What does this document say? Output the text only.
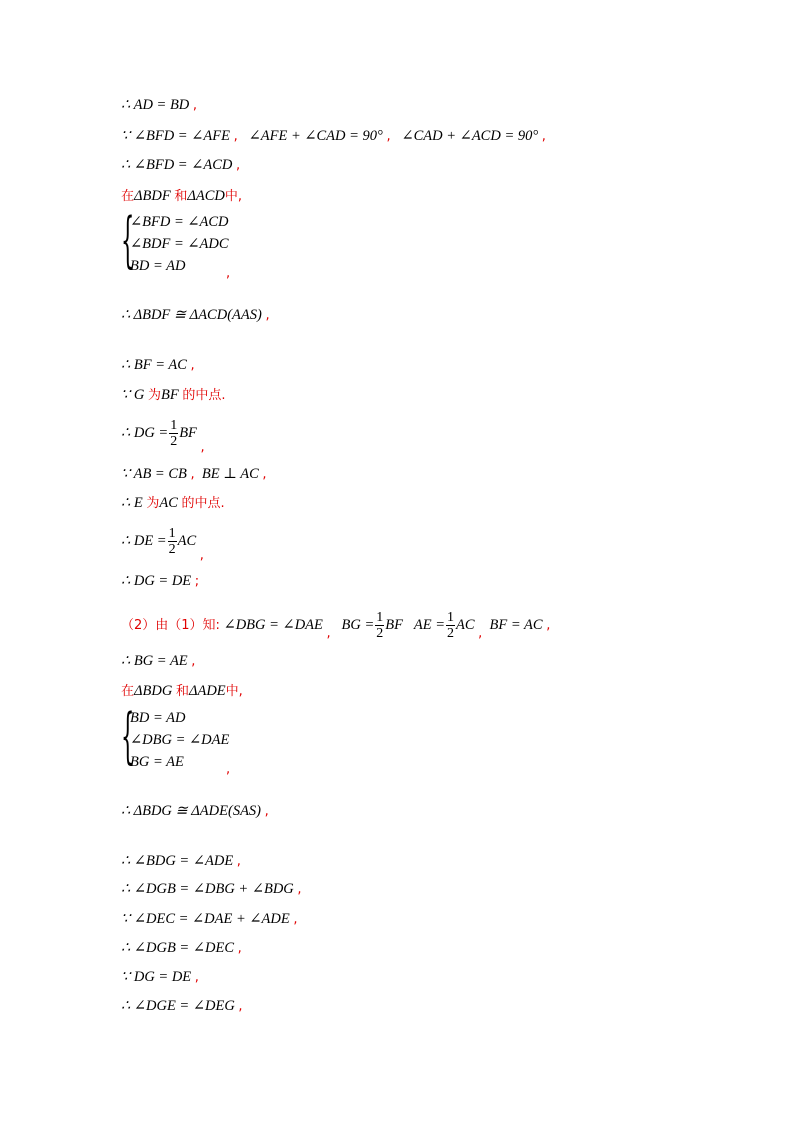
∴ AD = BD ,
∵ ∠BFD = ∠AFE , ∠AFE + ∠CAD = 90° , ∠CAD + ∠ACD = 90° ,
∴ ∠BFD = ∠ACD ,
在ΔBDF 和ΔACD中,
{
∠BFD = ∠ACD
∠BDF = ∠ADC
BD = AD	,
∴ ΔBDF ≅ ΔACD(AAS) ,
∴ BF = AC ,
∵ G 为BF 的中点.
∴ DG = $\frac{1}{2}$ BF ,
∵ AB = CB , BE ⊥ AC ,
∴ E 为AC 的中点.
∴ DE = $\frac{1}{2}$ AC ,
∴ DG = DE ;
（2）由（1）知: ∠DBG = ∠DAE ,   BG = $\frac{1}{2}$ BF AE = $\frac{1}{2}$ AC ,  BF = AC ,
∴ BG = AE ,
在ΔBDG 和ΔADE中,
{
BD = AD
∠DBG = ∠DAE
BG = AE	,
∴ ΔBDG ≅ ΔADE(SAS) ,
∴ ∠BDG = ∠ADE ,
∴ ∠DGB = ∠DBG + ∠BDG ,
∵ ∠DEC = ∠DAE + ∠ADE ,
∴ ∠DGB = ∠DEC ,
∵ DG = DE ,
∴ ∠DGE = ∠DEG ,
